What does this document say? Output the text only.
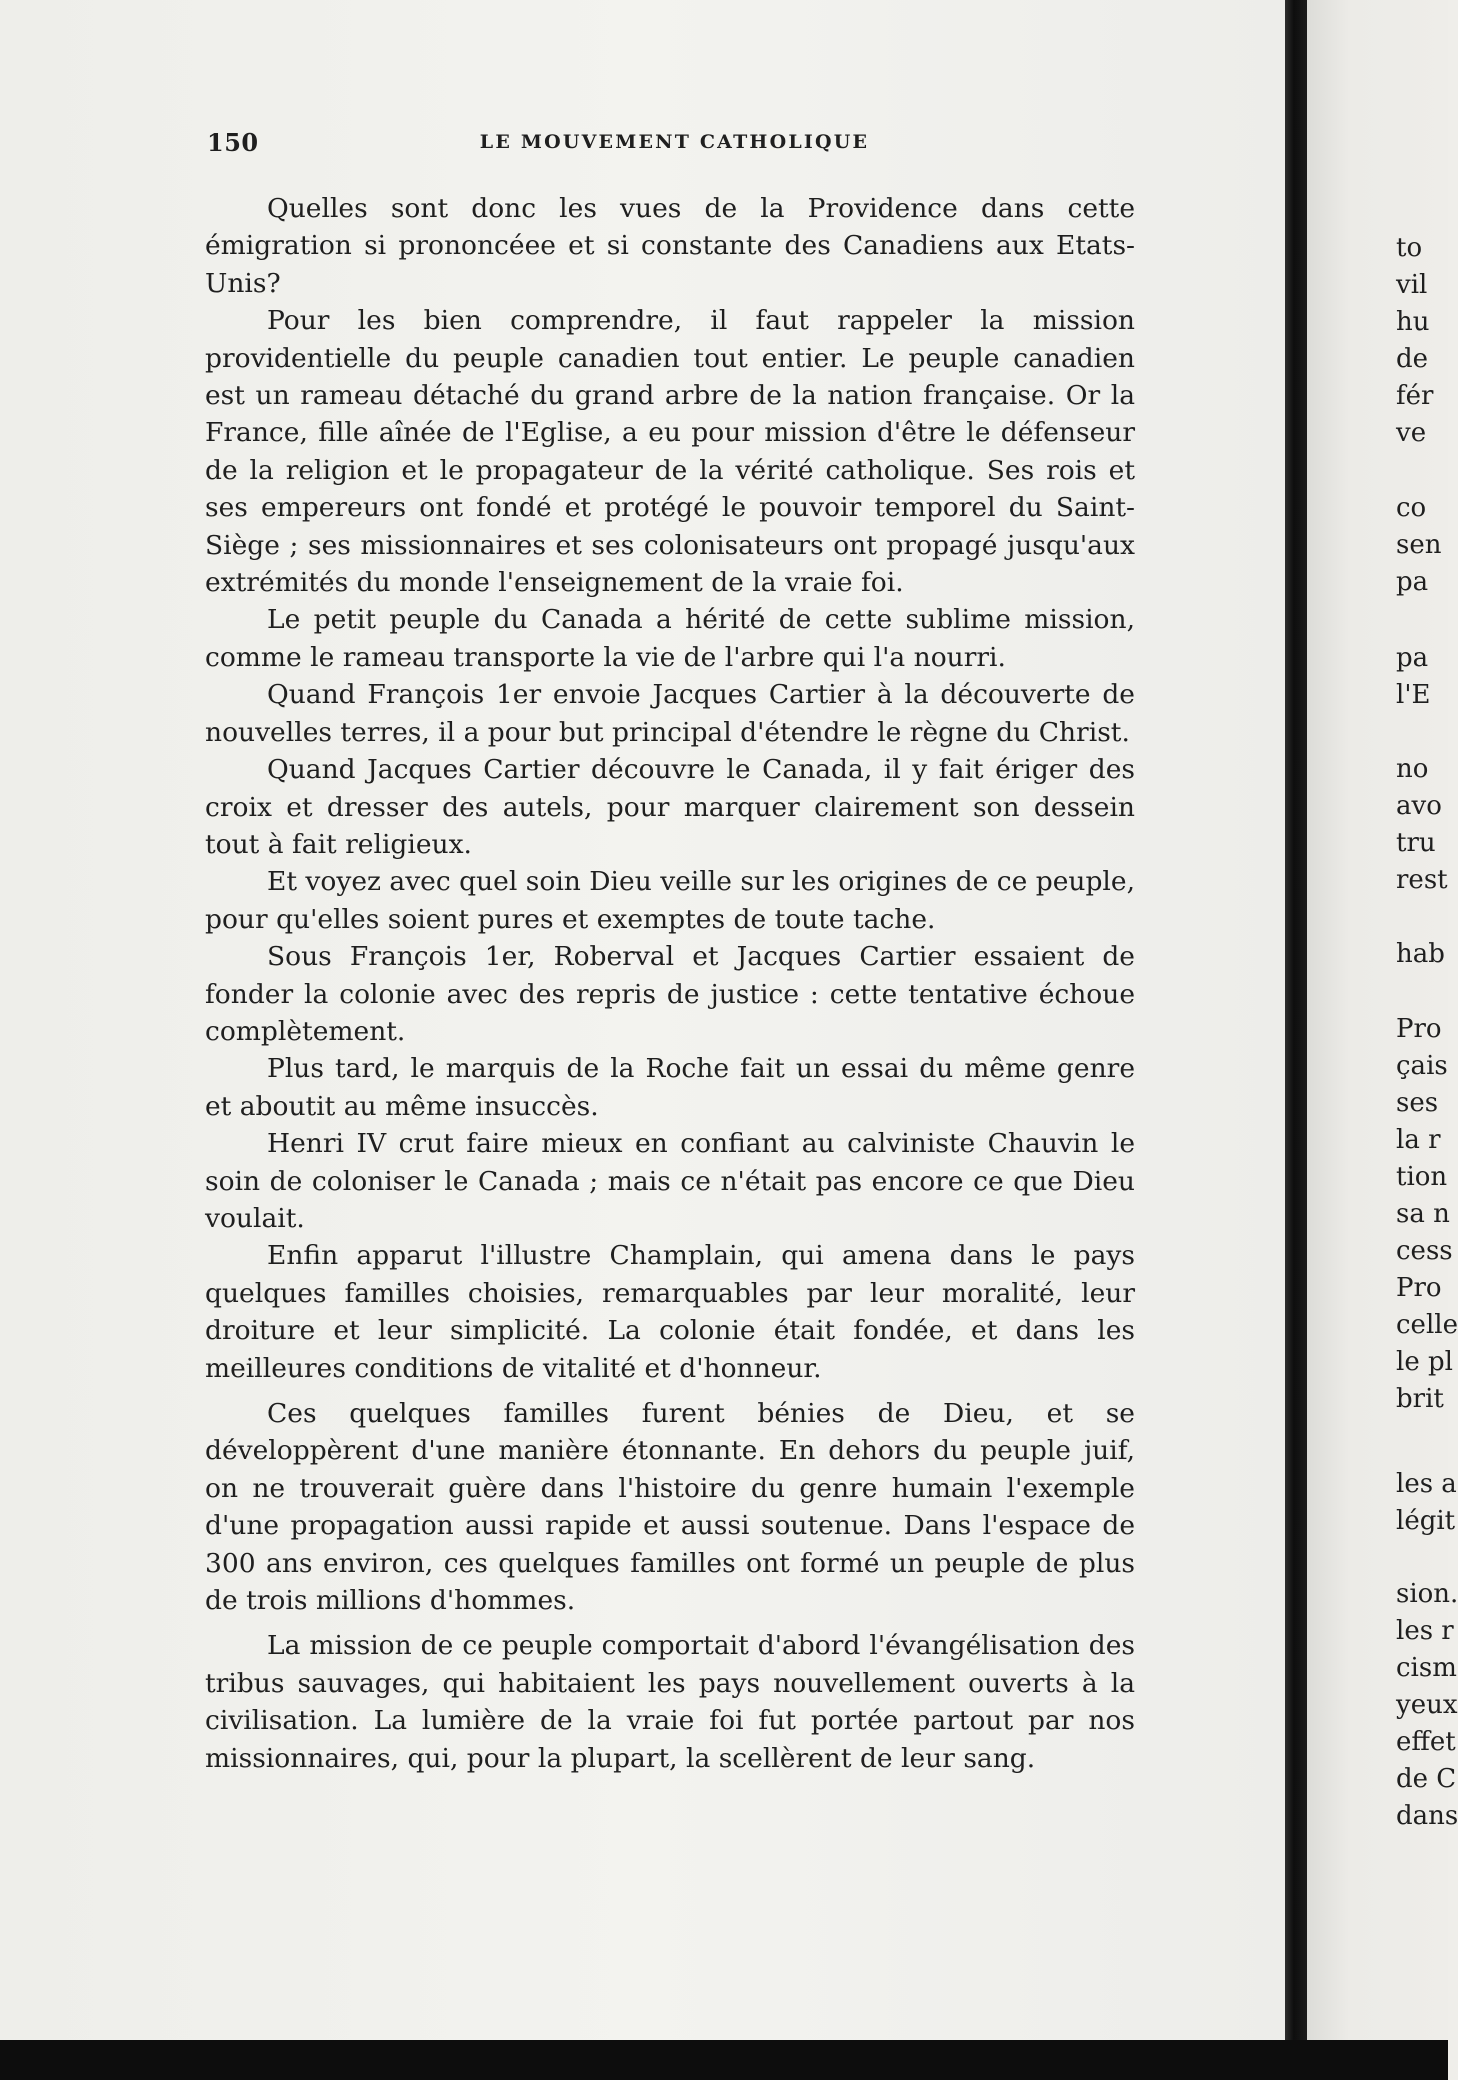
150	LE MOUVEMENT CATHOLIQUE

Quelles sont donc les vues de la Providence dans cette émigration si prononcéee et si constante des Canadiens aux Etats-Unis?

Pour les bien comprendre, il faut rappeler la mission providentielle du peuple canadien tout entier. Le peuple canadien est un rameau détaché du grand arbre de la nation française. Or la France, fille aînée de l'Eglise, a eu pour mission d'être le défenseur de la religion et le propagateur de la vérité catholique. Ses rois et ses empereurs ont fondé et protégé le pouvoir temporel du Saint-Siège ; ses missionnaires et ses colonisateurs ont propagé jusqu'aux extrémités du monde l'enseignement de la vraie foi.

Le petit peuple du Canada a hérité de cette sublime mission, comme le rameau transporte la vie de l'arbre qui l'a nourri.

Quand François 1er envoie Jacques Cartier à la découverte de nouvelles terres, il a pour but principal d'étendre le règne du Christ.

Quand Jacques Cartier découvre le Canada, il y fait ériger des croix et dresser des autels, pour marquer clairement son dessein tout à fait religieux.

Et voyez avec quel soin Dieu veille sur les origines de ce peuple, pour qu'elles soient pures et exemptes de toute tache.

Sous François 1er, Roberval et Jacques Cartier essaient de fonder la colonie avec des repris de justice : cette tentative échoue complètement.

Plus tard, le marquis de la Roche fait un essai du même genre et aboutit au même insuccès.

Henri IV crut faire mieux en confiant au calviniste Chauvin le soin de coloniser le Canada ; mais ce n'était pas encore ce que Dieu voulait.

Enfin apparut l'illustre Champlain, qui amena dans le pays quelques familles choisies, remarquables par leur moralité, leur droiture et leur simplicité. La colonie était fondée, et dans les meilleures conditions de vitalité et d'honneur.

Ces quelques familles furent bénies de Dieu, et se développèrent d'une manière étonnante. En dehors du peuple juif, on ne trouverait guère dans l'histoire du genre humain l'exemple d'une propagation aussi rapide et aussi soutenue. Dans l'espace de 300 ans environ, ces quelques familles ont formé un peuple de plus de trois millions d'hommes.

La mission de ce peuple comportait d'abord l'évangélisation des tribus sauvages, qui habitaient les pays nouvellement ouverts à la civilisation. La lumière de la vraie foi fut portée partout par nos missionnaires, qui, pour la plupart, la scellèrent de leur sang.

to
vil
hu
de
fér
ve
co
sen
pa
pa
l'E
no
avo
tru
rest
hab
Pro
çais
ses
la r
tion
sa n
cess
Pro
celle
le pl
brit
les a
légit
sion.
les r
cism
yeux
effet
de C
dans
